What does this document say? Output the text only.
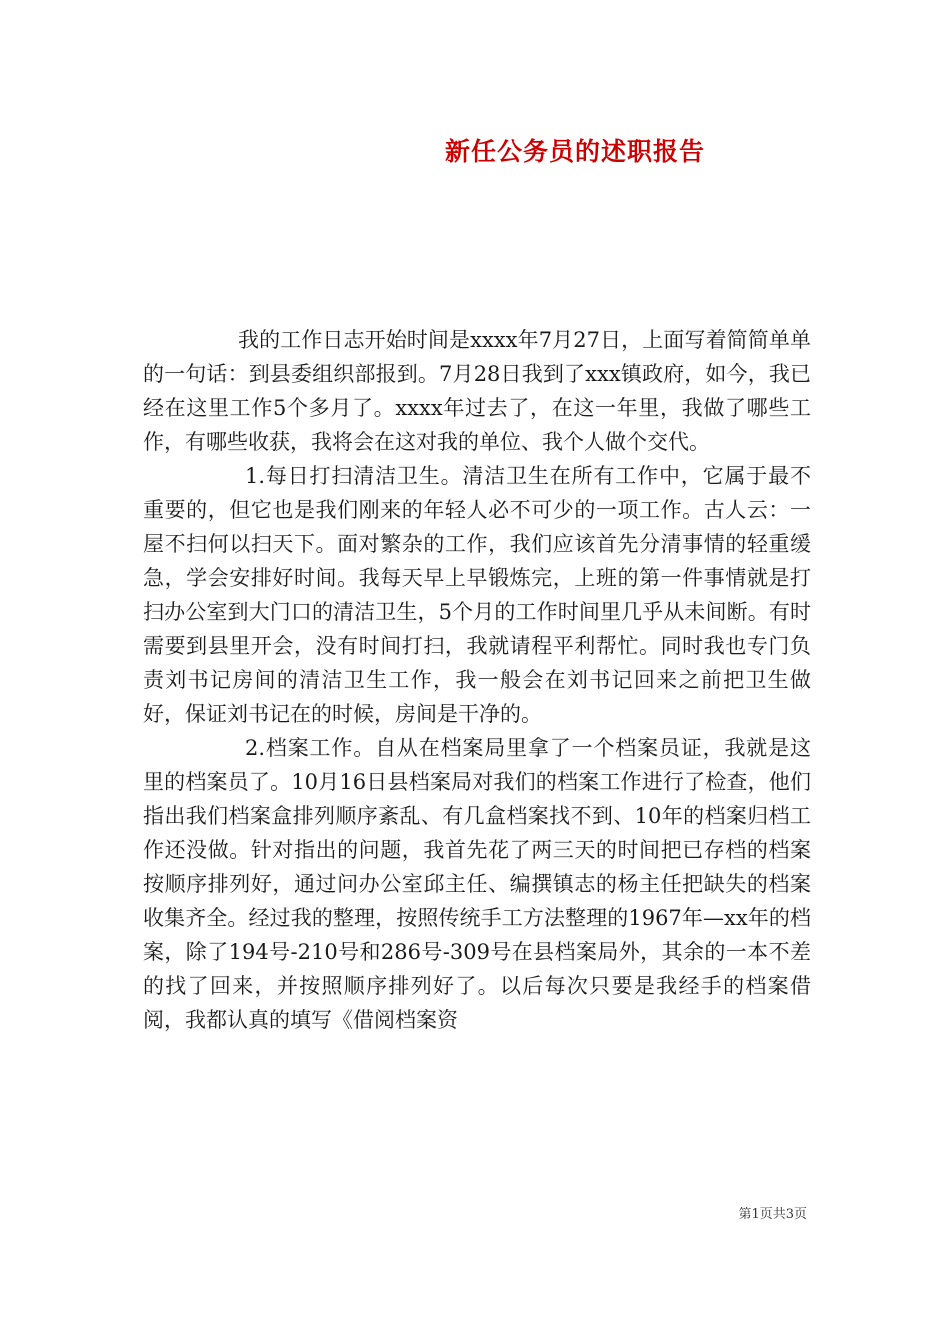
新任公务员的述职报告

我的工作日志开始时间是xxxx年7月27日，上面写着简简单单的一句话：到县委组织部报到。7月28日我到了xxx镇政府，如今，我已经在这里工作5个多月了。xxxx年过去了，在这一年里，我做了哪些工作，有哪些收获，我将会在这对我的单位、我个人做个交代。

1.每日打扫清洁卫生。清洁卫生在所有工作中，它属于最不重要的，但它也是我们刚来的年轻人必不可少的一项工作。古人云：一屋不扫何以扫天下。面对繁杂的工作，我们应该首先分清事情的轻重缓急，学会安排好时间。我每天早上早锻炼完，上班的第一件事情就是打扫办公室到大门口的清洁卫生，5个月的工作时间里几乎从未间断。有时需要到县里开会，没有时间打扫，我就请程平利帮忙。同时我也专门负责刘书记房间的清洁卫生工作，我一般会在刘书记回来之前把卫生做好，保证刘书记在的时候，房间是干净的。

2.档案工作。自从在档案局里拿了一个档案员证，我就是这里的档案员了。10月16日县档案局对我们的档案工作进行了检查，他们指出我们档案盒排列顺序紊乱、有几盒档案找不到、10年的档案归档工作还没做。针对指出的问题，我首先花了两三天的时间把已存档的档案按顺序排列好，通过问办公室邱主任、编撰镇志的杨主任把缺失的档案收集齐全。经过我的整理，按照传统手工方法整理的1967年—xx年的档案，除了194号-210号和286号-309号在县档案局外，其余的一本不差的找了回来，并按照顺序排列好了。以后每次只要是我经手的档案借阅，我都认真的填写《借阅档案资

第1页共3页
